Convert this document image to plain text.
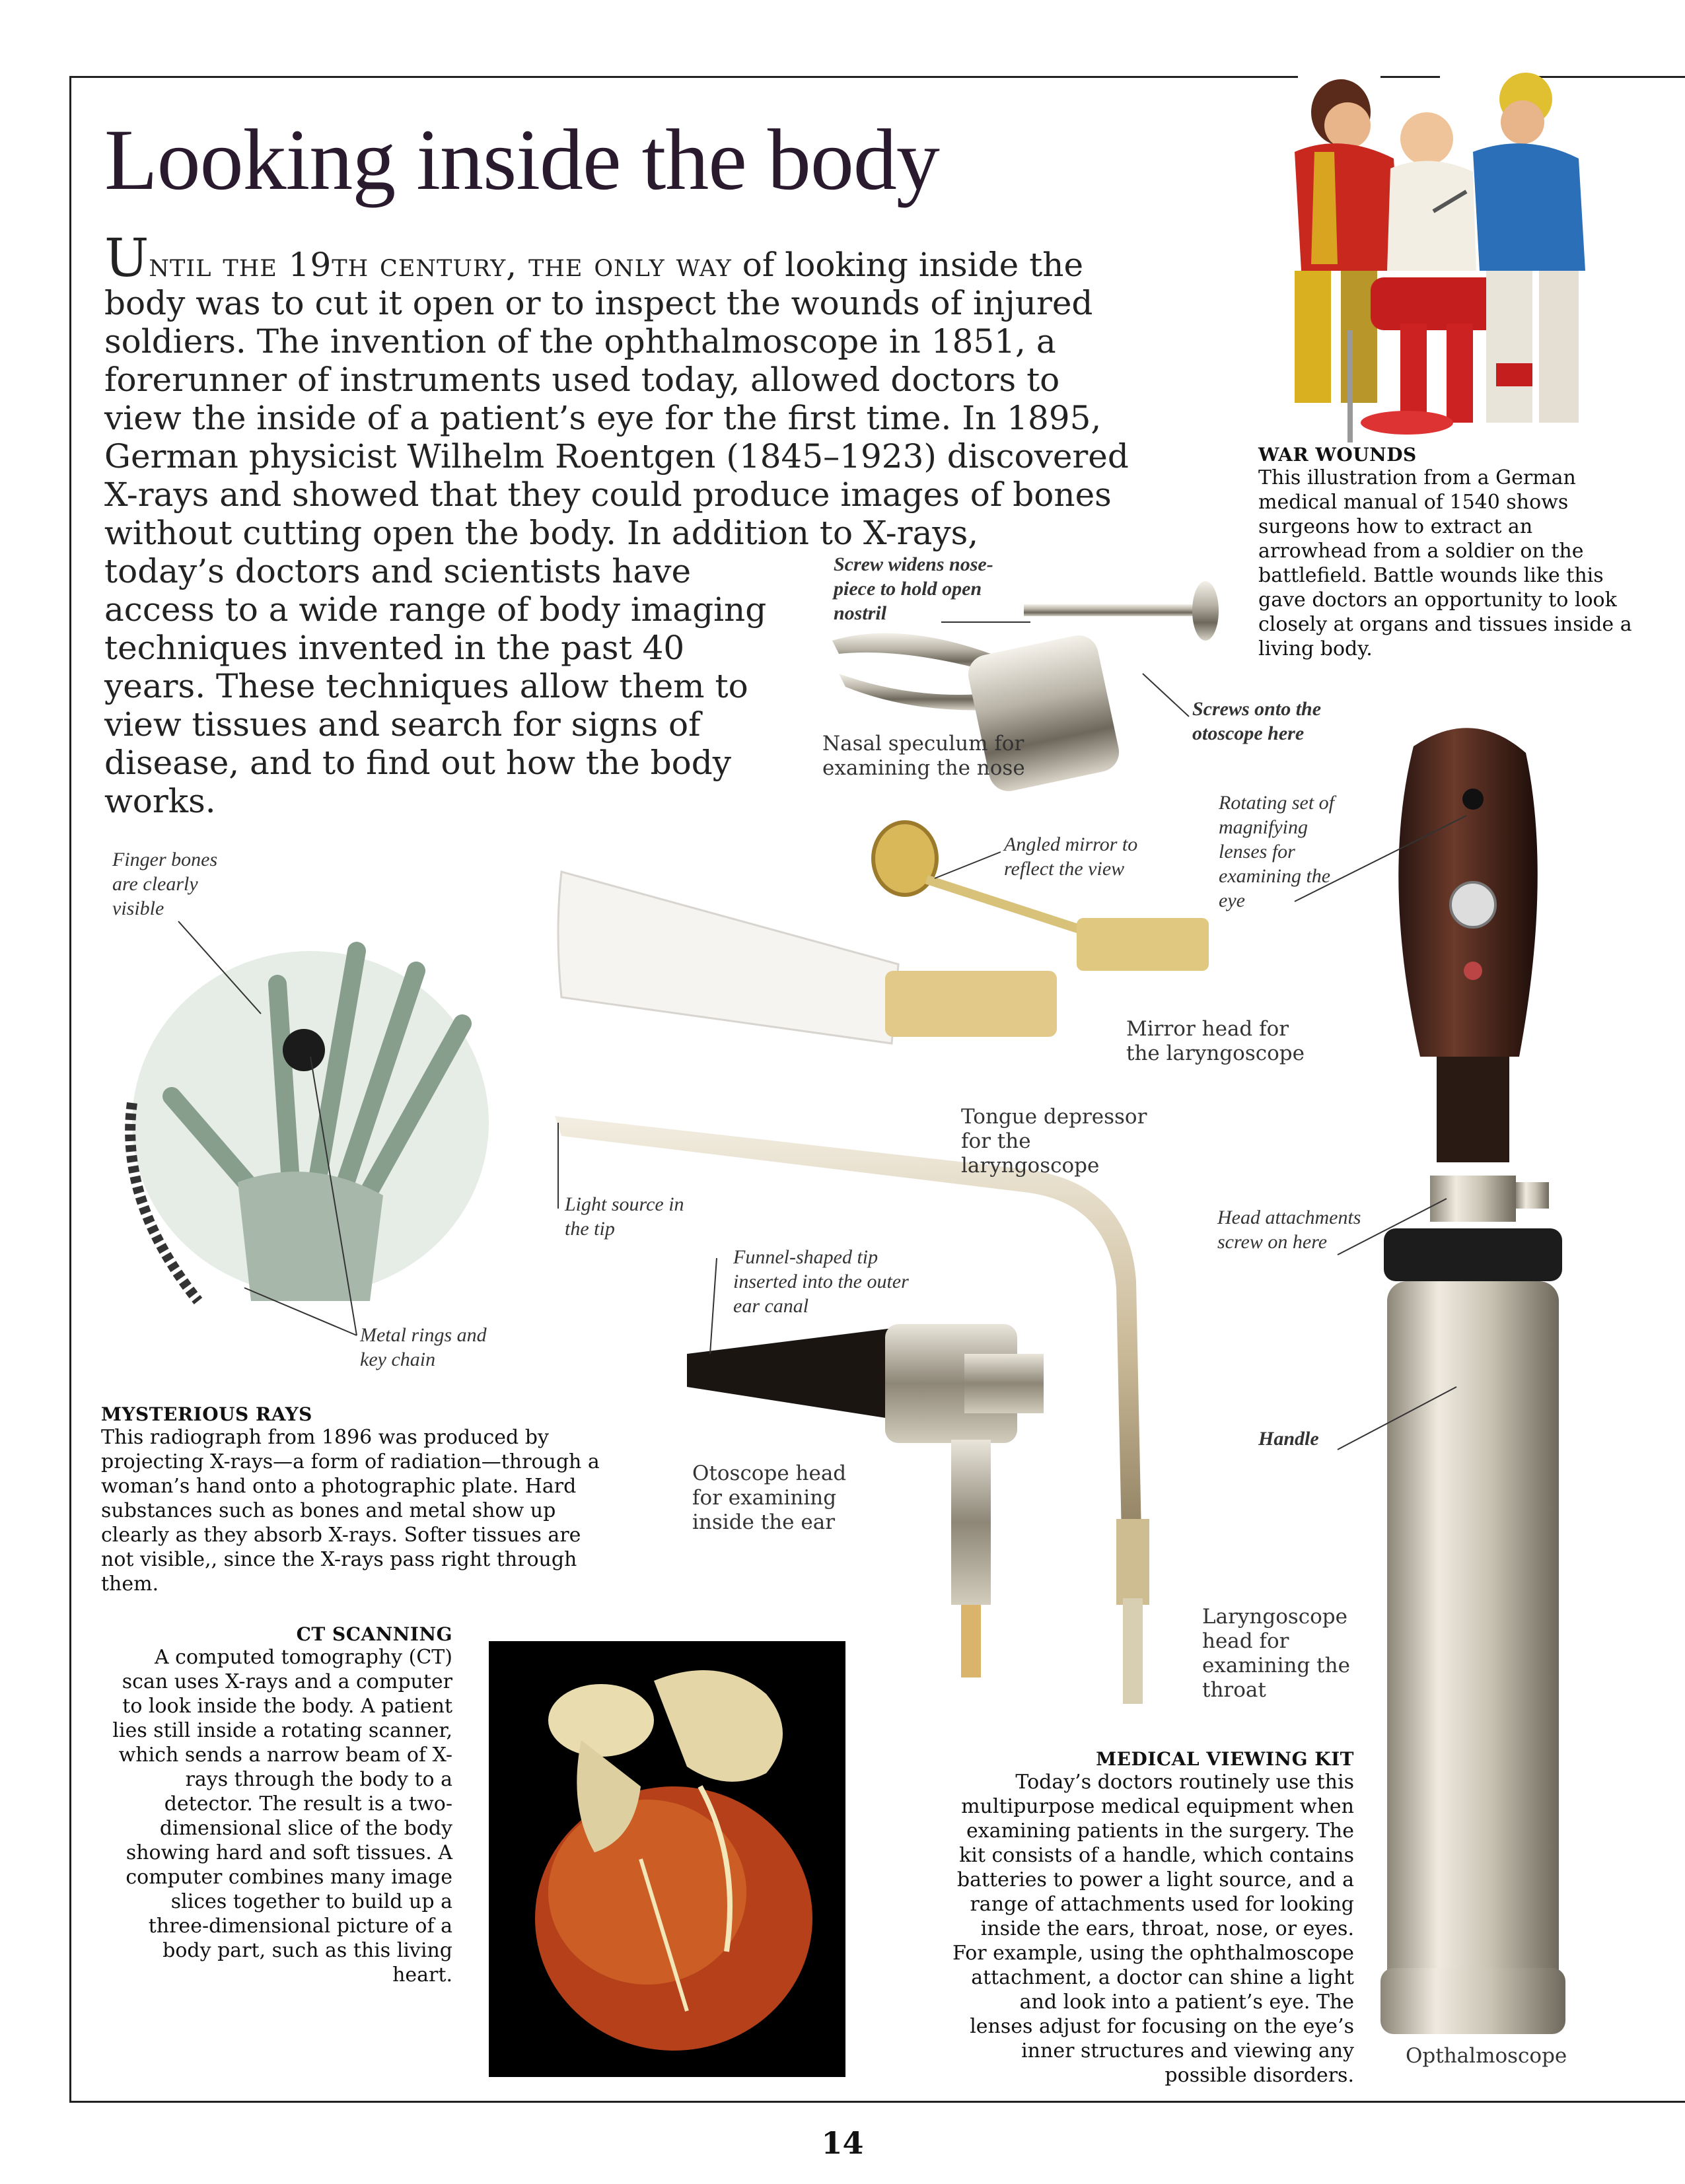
Looking inside the body

Until the 19th century, the only way of looking inside the body was to cut it open or to inspect the wounds of injured soldiers. The invention of the ophthalmoscope in 1851, a forerunner of instruments used today, allowed doctors to view the inside of a patient’s eye for the first time. In 1895, German physicist Wilhelm Roentgen (1845–1923) discovered X-rays and showed that they could produce images of bones without cutting open the body. In addition to X-rays,

today’s doctors and scientists have access to a wide range of body imaging techniques invented in the past 40 years. These techniques allow them to view tissues and search for signs of disease, and to find out how the body works.

WAR WOUNDS
This illustration from a German medical manual of 1540 shows surgeons how to extract an arrowhead from a soldier on the battlefield. Battle wounds like this gave doctors an opportunity to look closely at organs and tissues inside a living body.
Finger bones are clearly visible
Metal rings and key chain
Screw widens nose-piece to hold open nostril
Nasal speculum for examining the nose
Screws onto the otoscope here
Angled mirror to reflect the view
Rotating set of magnifying lenses for examining the eye
Mirror head for the laryngoscope
Tongue depressor for the laryngoscope
Light source in the tip
Funnel-shaped tip inserted into the outer ear canal
Head attachments screw on here
Otoscope head for examining inside the ear
Handle
Laryngoscope head for examining the throat
Opthalmoscope
MYSTERIOUS RAYS
This radiograph from 1896 was produced by projecting X-rays—a form of radiation—through a woman’s hand onto a photographic plate. Hard substances such as bones and metal show up clearly as they absorb X-rays. Softer tissues are not visible,, since the X-rays pass right through them.
CT SCANNING
A computed tomography (CT) scan uses X-rays and a computer to look inside the body. A patient lies still inside a rotating scanner, which sends a narrow beam of X-rays through the body to a detector. The result is a two-dimensional slice of the body showing hard and soft tissues. A computer combines many image slices together to build up a three-dimensional picture of a body part, such as this living heart.
MEDICAL VIEWING KIT
Today’s doctors routinely use this multipurpose medical equipment when examining patients in the surgery. The kit consists of a handle, which contains batteries to power a light source, and a range of attachments used for looking inside the ears, throat, nose, or eyes. For example, using the ophthalmoscope attachment, a doctor can shine a light and look into a patient’s eye. The lenses adjust for focusing on the eye’s inner structures and viewing any possible disorders.
14
